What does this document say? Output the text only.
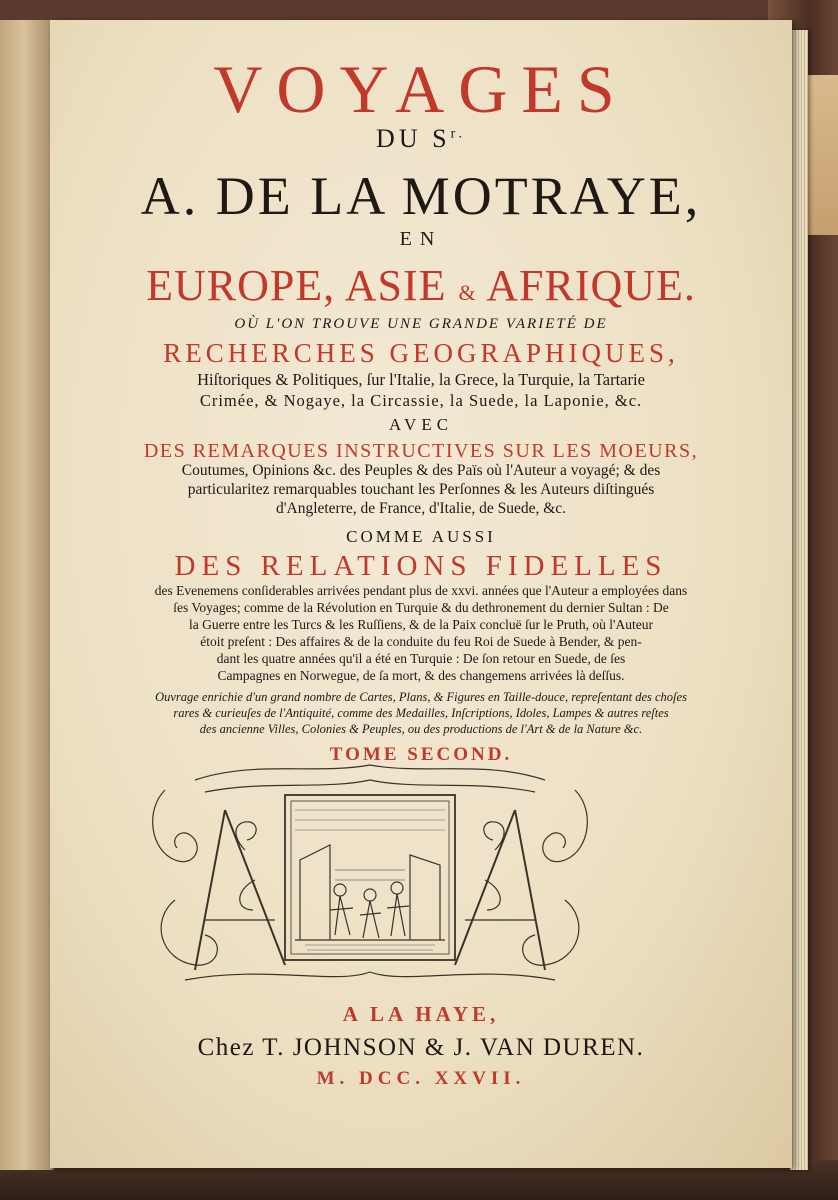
VOYAGES

DU $S^{r.}$

A. DE LA MOTRAYE,

EN

EUROPE, ASIE & AFRIQUE.

OÙ L'ON TROUVE UNE GRANDE VARIETÉ DE

RECHERCHES GEOGRAPHIQUES,

Hiſtoriques & Politiques, ſur l'Italie, la Grece, la Turquie, la Tartarie

Crimée, & Nogaye, la Circassie, la Suede, la Laponie, &c.

AVEC

DES REMARQUES INSTRUCTIVES SUR LES MOEURS,

Coutumes, Opinions &c. des Peuples & des Païs où l'Auteur a voyagé; & des

particularitez remarquables touchant les Perſonnes & les Auteurs diſtingués

d'Angleterre, de France, d'Italie, de Suede, &c.

COMME AUSSI

DES RELATIONS FIDELLES

des Evenemens conſiderables arrivées pendant plus de xxvi. années que l'Auteur a employées dans

ſes Voyages; comme de la Révolution en Turquie & du dethronement du dernier Sultan : De

la Guerre entre les Turcs & les Ruſſiens, & de la Paix concluë ſur le Pruth, où l'Auteur

étoit preſent : Des affaires & de la conduite du feu Roi de Suede à Bender, & pen-

dant les quatre années qu'il a été en Turquie : De ſon retour en Suede, de ſes

Campagnes en Norwegue, de ſa mort, & des changemens arrivées là deſſus.

Ouvrage enrichie d'un grand nombre de Cartes, Plans, & Figures en Taille-douce, repreſentant des choſes

rares & curieuſes de l'Antiquité, comme des Medailles, Inſcriptions, Idoles, Lampes & autres reſtes

des ancienne Villes, Colonies & Peuples, ou des productions de l'Art & de la Nature &c.

TOME SECOND.

A LA HAYE,

Chez T. JOHNSON & J. VAN DUREN.

M. DCC. XXVII.
